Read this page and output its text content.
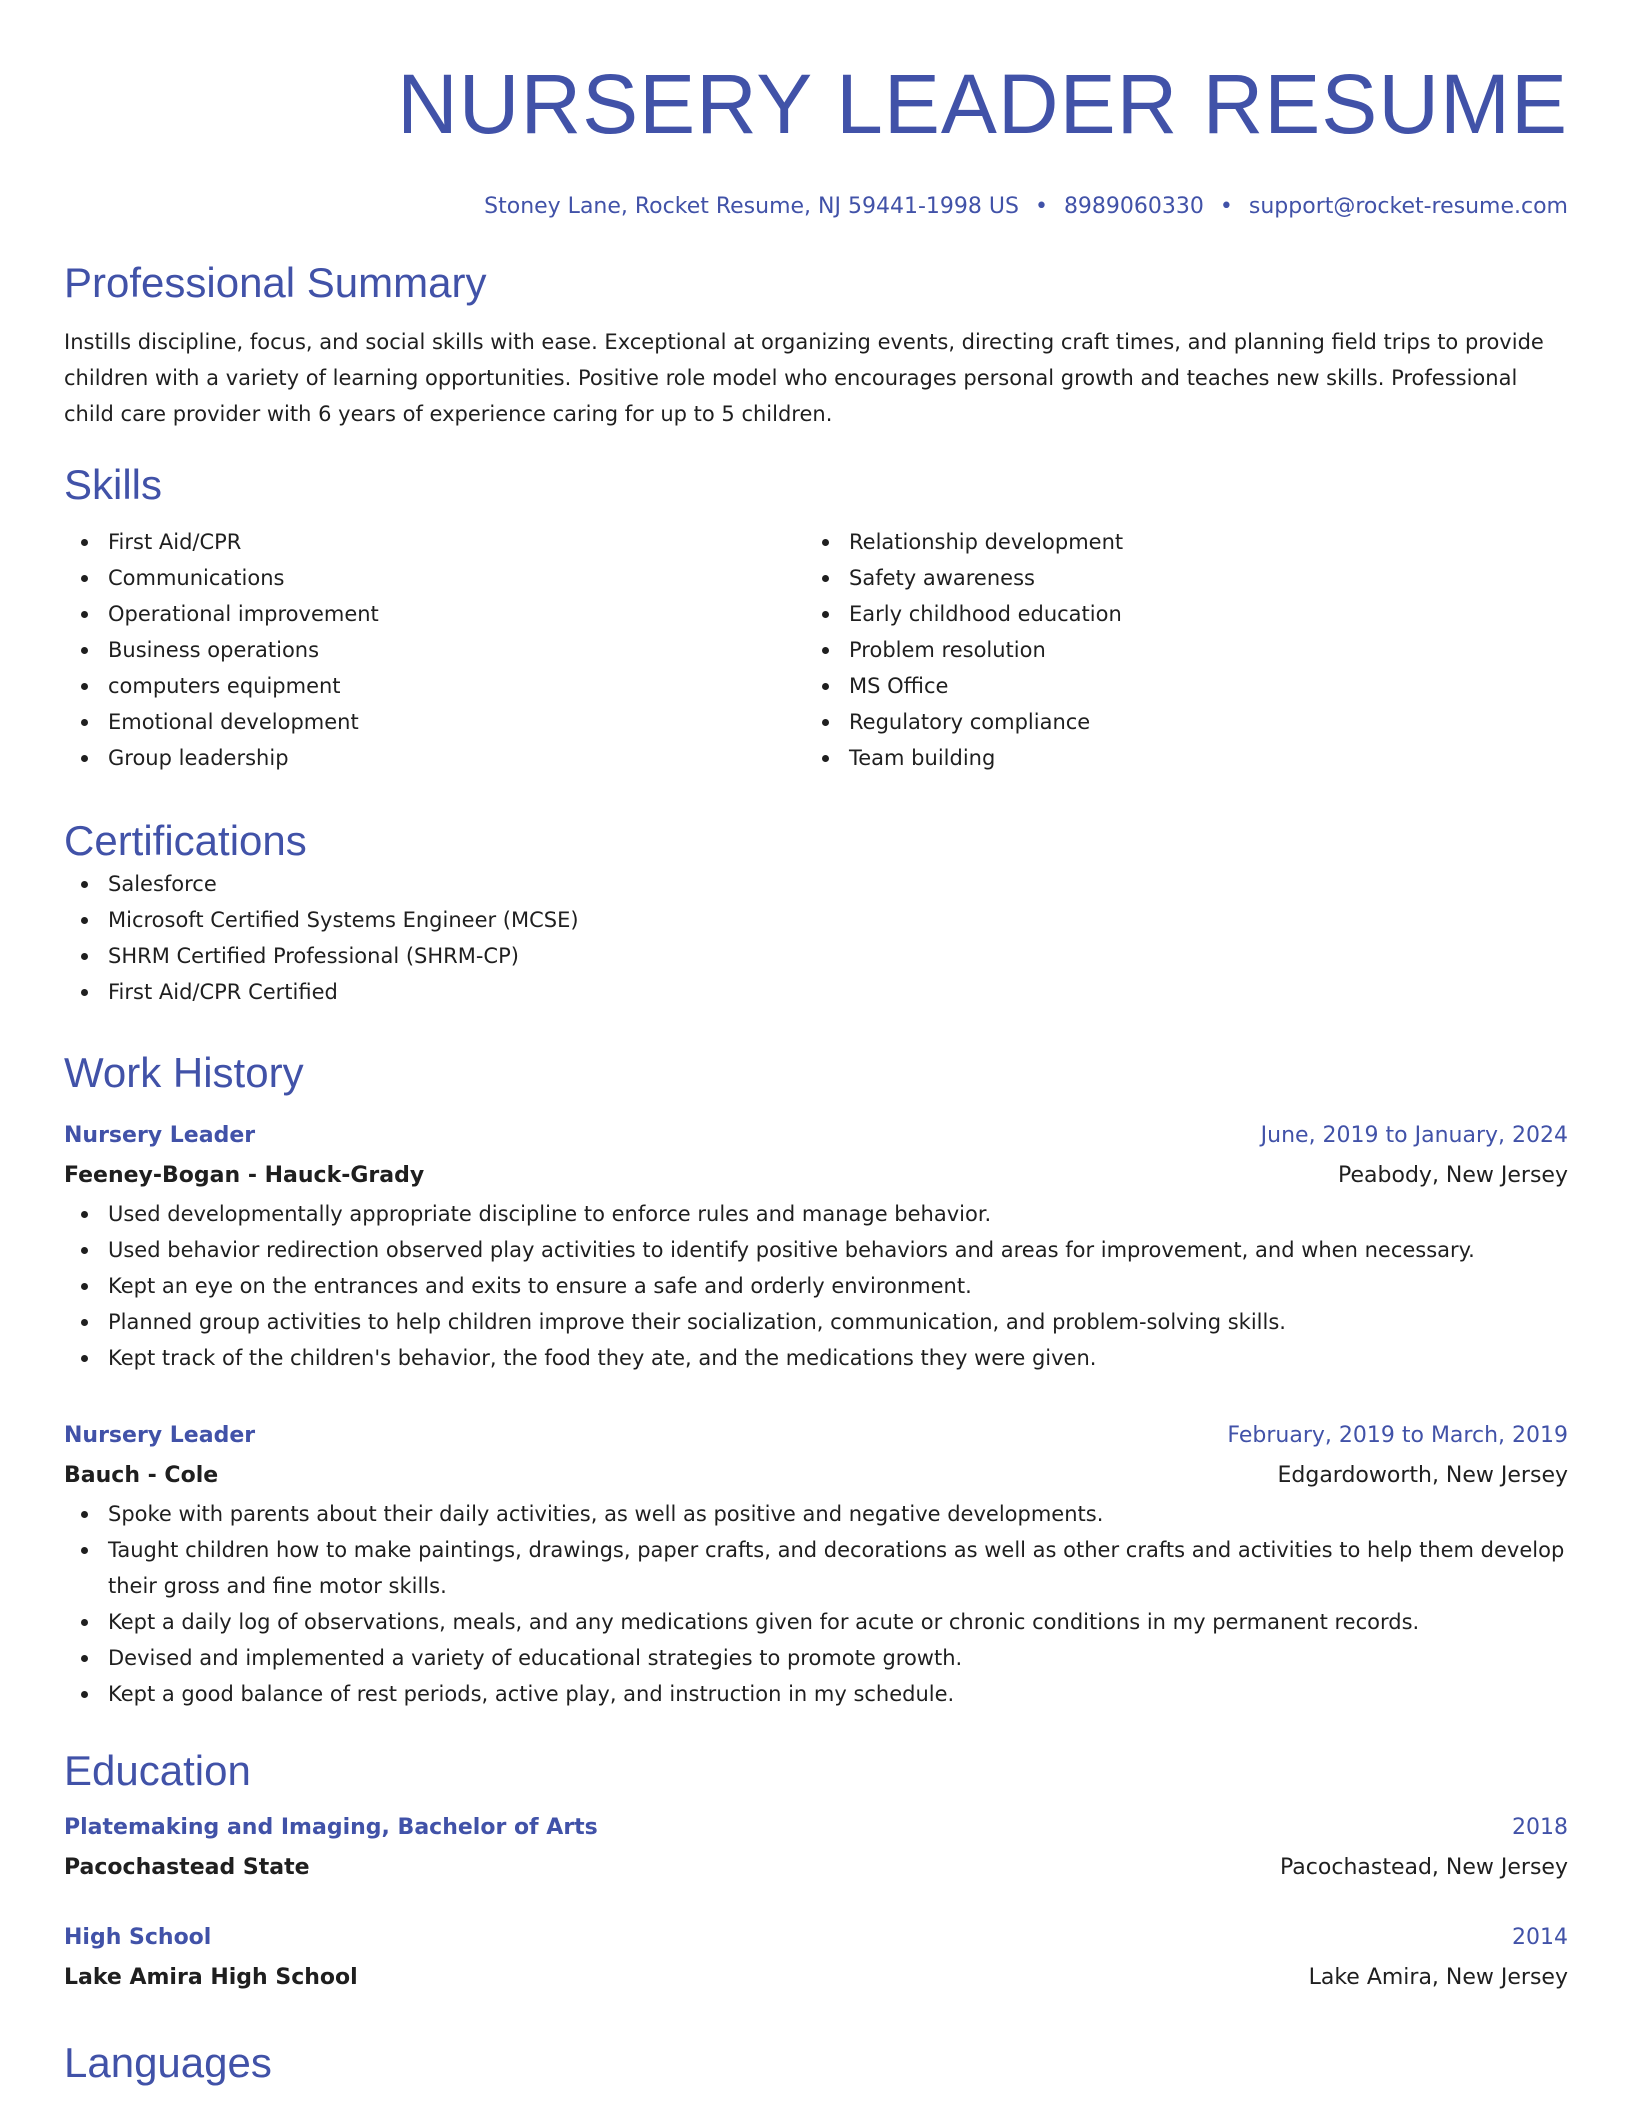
NURSERY LEADER RESUME
Stoney Lane, Rocket Resume, NJ 59441-1998 US • 8989060330 • support@rocket-resume.com
Professional Summary

Instills discipline, focus, and social skills with ease. Exceptional at organizing events, directing craft times, and planning field trips to provide children with a variety of learning opportunities. Positive role model who encourages personal growth and teaches new skills. Professional child care provider with 6 years of experience caring for up to 5 children.

Skills
First Aid/CPR
Communications
Operational improvement
Business operations
computers equipment
Emotional development
Group leadership
Relationship development
Safety awareness
Early childhood education
Problem resolution
MS Office
Regulatory compliance
Team building
Certifications
Salesforce
Microsoft Certified Systems Engineer (MCSE)
SHRM Certified Professional (SHRM-CP)
First Aid/CPR Certified
Work History
Nursery Leader	June, 2019 to January, 2024
Feeney-Bogan - Hauck-Grady	Peabody, New Jersey
Used developmentally appropriate discipline to enforce rules and manage behavior.
Used behavior redirection observed play activities to identify positive behaviors and areas for improvement, and when necessary.
Kept an eye on the entrances and exits to ensure a safe and orderly environment.
Planned group activities to help children improve their socialization, communication, and problem-solving skills.
Kept track of the children's behavior, the food they ate, and the medications they were given.
Nursery Leader	February, 2019 to March, 2019
Bauch - Cole	Edgardoworth, New Jersey
Spoke with parents about their daily activities, as well as positive and negative developments.
Taught children how to make paintings, drawings, paper crafts, and decorations as well as other crafts and activities to help them develop their gross and fine motor skills.
Kept a daily log of observations, meals, and any medications given for acute or chronic conditions in my permanent records.
Devised and implemented a variety of educational strategies to promote growth.
Kept a good balance of rest periods, active play, and instruction in my schedule.
Education
Platemaking and Imaging, Bachelor of Arts	2018
Pacochastead State	Pacochastead, New Jersey
High School	2014
Lake Amira High School	Lake Amira, New Jersey
Languages
